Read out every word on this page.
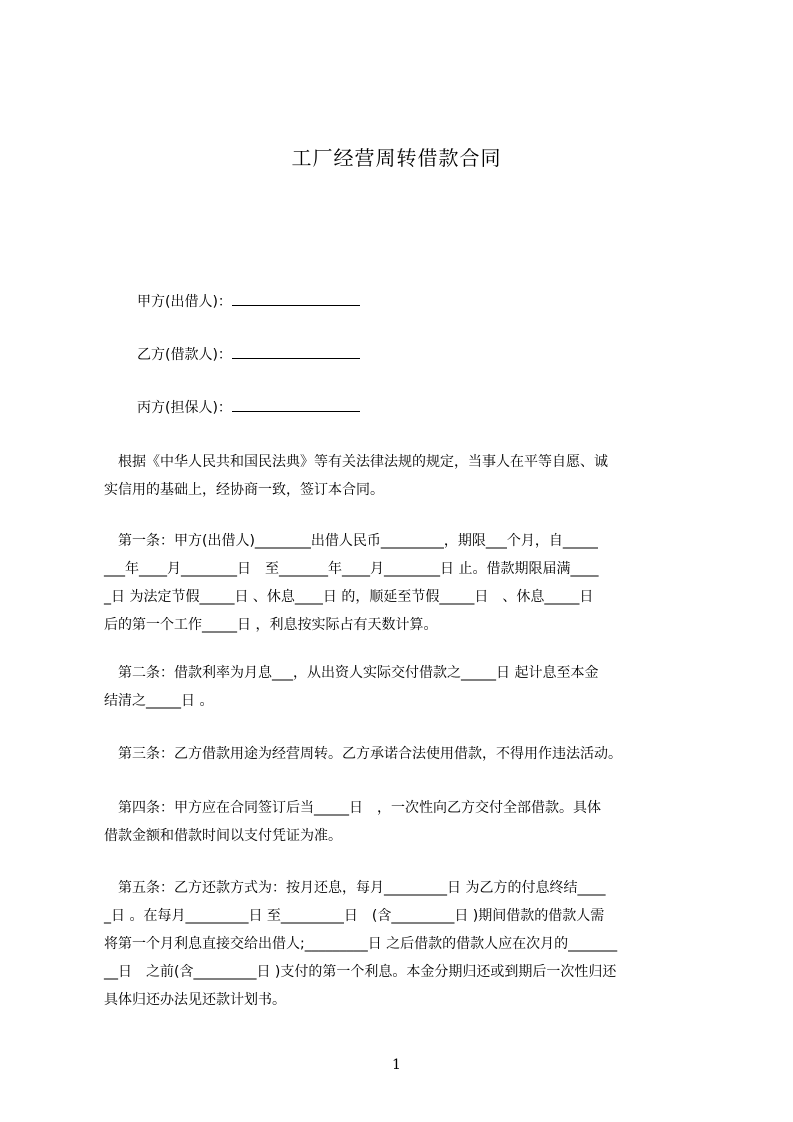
工厂经营周转借款合同
甲方(出借人)：
乙方(借款人)：
丙方(担保人)：
　根据《中华人民共和国民法典》等有关法律法规的规定，当事人在平等自愿、诚
实信用的基础上，经协商一致，签订本合同。
　第一条：甲方(出借人)________出借人民币_________，期限___个月，自_____
___年____月________日　至_______年____月________日 止。借款期限届满____
_日 为法定节假_____日 、休息____日 的，顺延至节假_____日　、休息_____日
后的第一个工作_____日 ，利息按实际占有天数计算。
　第二条：借款利率为月息___，从出资人实际交付借款之_____日 起计息至本金
结清之_____日 。
　第三条：乙方借款用途为经营周转。乙方承诺合法使用借款，不得用作违法活动。
　第四条：甲方应在合同签订后当_____日　，一次性向乙方交付全部借款。具体
借款金额和借款时间以支付凭证为准。
　第五条：乙方还款方式为：按月还息，每月_________日 为乙方的付息终结____
_日 。在每月_________日 至_________日　(含_________日 )期间借款的借款人需
将第一个月利息直接交给出借人;_________日 之后借款的借款人应在次月的_______
__日　之前(含_________日 )支付的第一个利息。本金分期归还或到期后一次性归还
具体归还办法见还款计划书。
1
